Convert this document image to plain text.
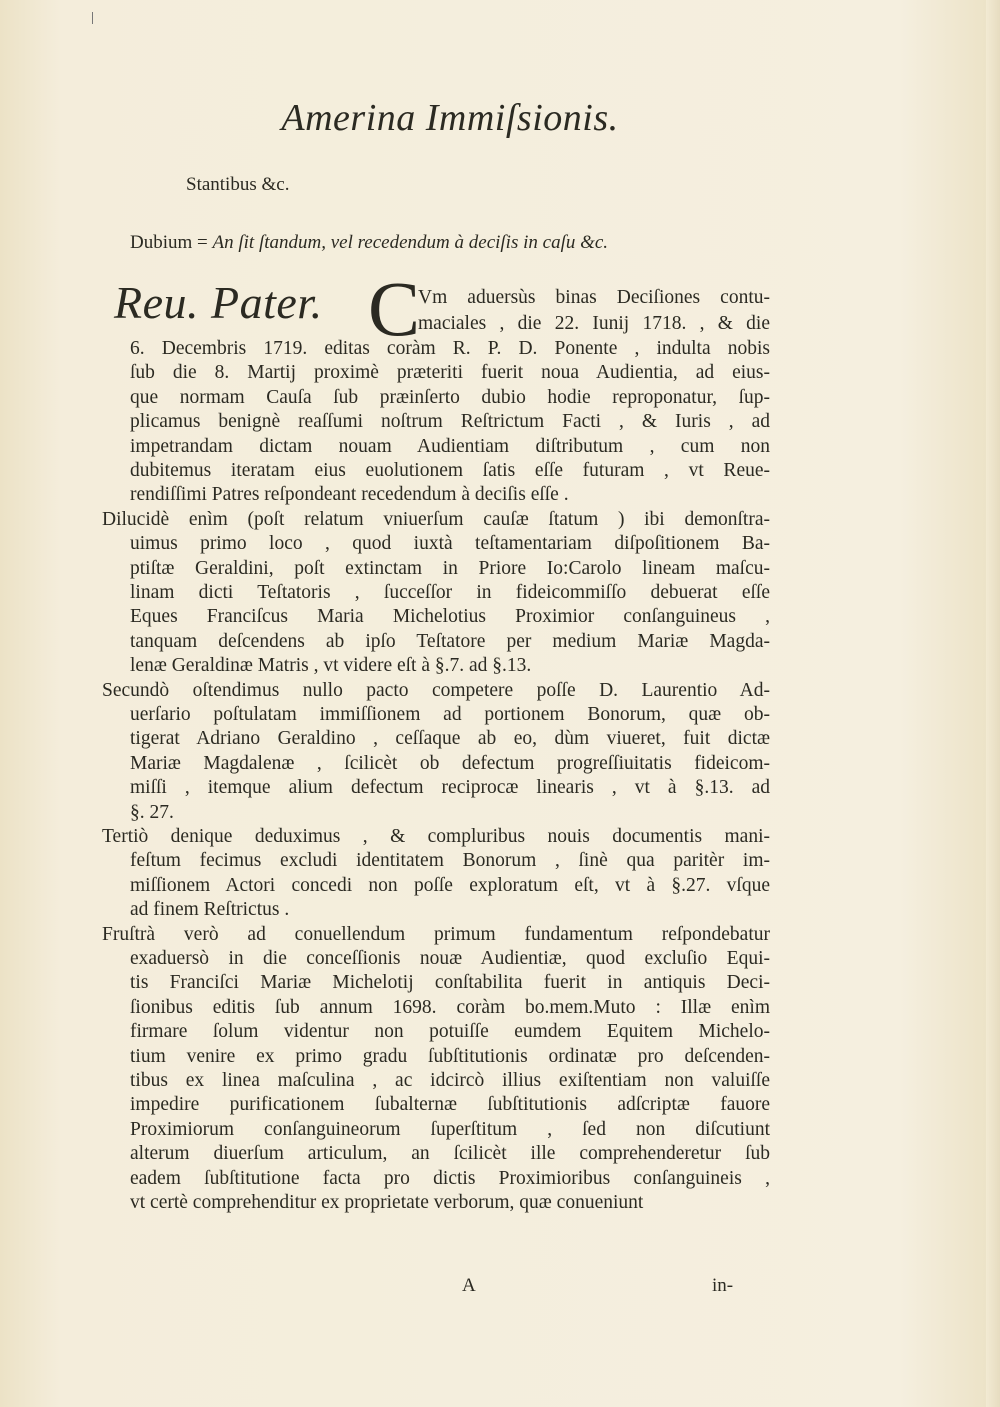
Amerina Immiſsionis.
Stantibus &c.
Dubium = An ſit ſtandum, vel recedendum à deciſis in caſu &c.
Reu. Pater. C
Vm aduersùs binas Deciſiones contu-
maciales , die 22. Iunij 1718. , & die
6. Decembris 1719. editas coràm R. P. D. Ponente , indulta nobis
ſub die 8. Martij proximè præteriti fuerit noua Audientia, ad eius-
que normam Cauſa ſub præinſerto dubio hodie reproponatur, ſup-
plicamus benignè reaſſumi noſtrum Reſtrictum Facti , & Iuris , ad
impetrandam dictam nouam Audientiam diſtributum , cum non
dubitemus iteratam eius euolutionem ſatis eſſe futuram , vt Reue-
rendiſſimi Patres reſpondeant recedendum à deciſis eſſe .
Dilucidè enìm (poſt relatum vniuerſum cauſæ ſtatum ) ibi demonſtra-
uimus primo loco , quod iuxtà teſtamentariam diſpoſitionem Ba-
ptiſtæ Geraldini, poſt extinctam in Priore Io:Carolo lineam maſcu-
linam dicti Teſtatoris , ſucceſſor in fideicommiſſo debuerat eſſe
Eques Franciſcus Maria Michelotius Proximior conſanguineus ,
tanquam deſcendens ab ipſo Teſtatore per medium Mariæ Magda-
lenæ Geraldinæ Matris , vt videre eſt à §.7. ad §.13.
Secundò oſtendimus nullo pacto competere poſſe D. Laurentio Ad-
uerſario poſtulatam immiſſionem ad portionem Bonorum, quæ ob-
tigerat Adriano Geraldino , ceſſaque ab eo, dùm viueret, fuit dictæ
Mariæ Magdalenæ , ſcilicèt ob defectum progreſſiuitatis fideicom-
miſſi , itemque alium defectum reciprocæ linearis , vt à §.13. ad
§. 27.
Tertiò denique deduximus , & compluribus nouis documentis mani-
feſtum fecimus excludi identitatem Bonorum , ſinè qua paritèr im-
miſſionem Actori concedi non poſſe exploratum eſt, vt à §.27. vſque
ad finem Reſtrictus .
Fruſtrà verò ad conuellendum primum fundamentum reſpondebatur
exaduersò in die conceſſionis nouæ Audientiæ, quod excluſio Equi-
tis Franciſci Mariæ Michelotij conſtabilita fuerit in antiquis Deci-
ſionibus editis ſub annum 1698. coràm bo.mem.Muto : Illæ enìm
firmare ſolum videntur non potuiſſe eumdem Equitem Michelo-
tium venire ex primo gradu ſubſtitutionis ordinatæ pro deſcenden-
tibus ex linea maſculina , ac idcircò illius exiſtentiam non valuiſſe
impedire purificationem ſubalternæ ſubſtitutionis adſcriptæ fauore
Proximiorum conſanguineorum ſuperſtitum , ſed non diſcutiunt
alterum diuerſum articulum, an ſcilicèt ille comprehenderetur ſub
eadem ſubſtitutione facta pro dictis Proximioribus conſanguineis ,
vt certè comprehenditur ex proprietate verborum, quæ conueniunt
A	in-
